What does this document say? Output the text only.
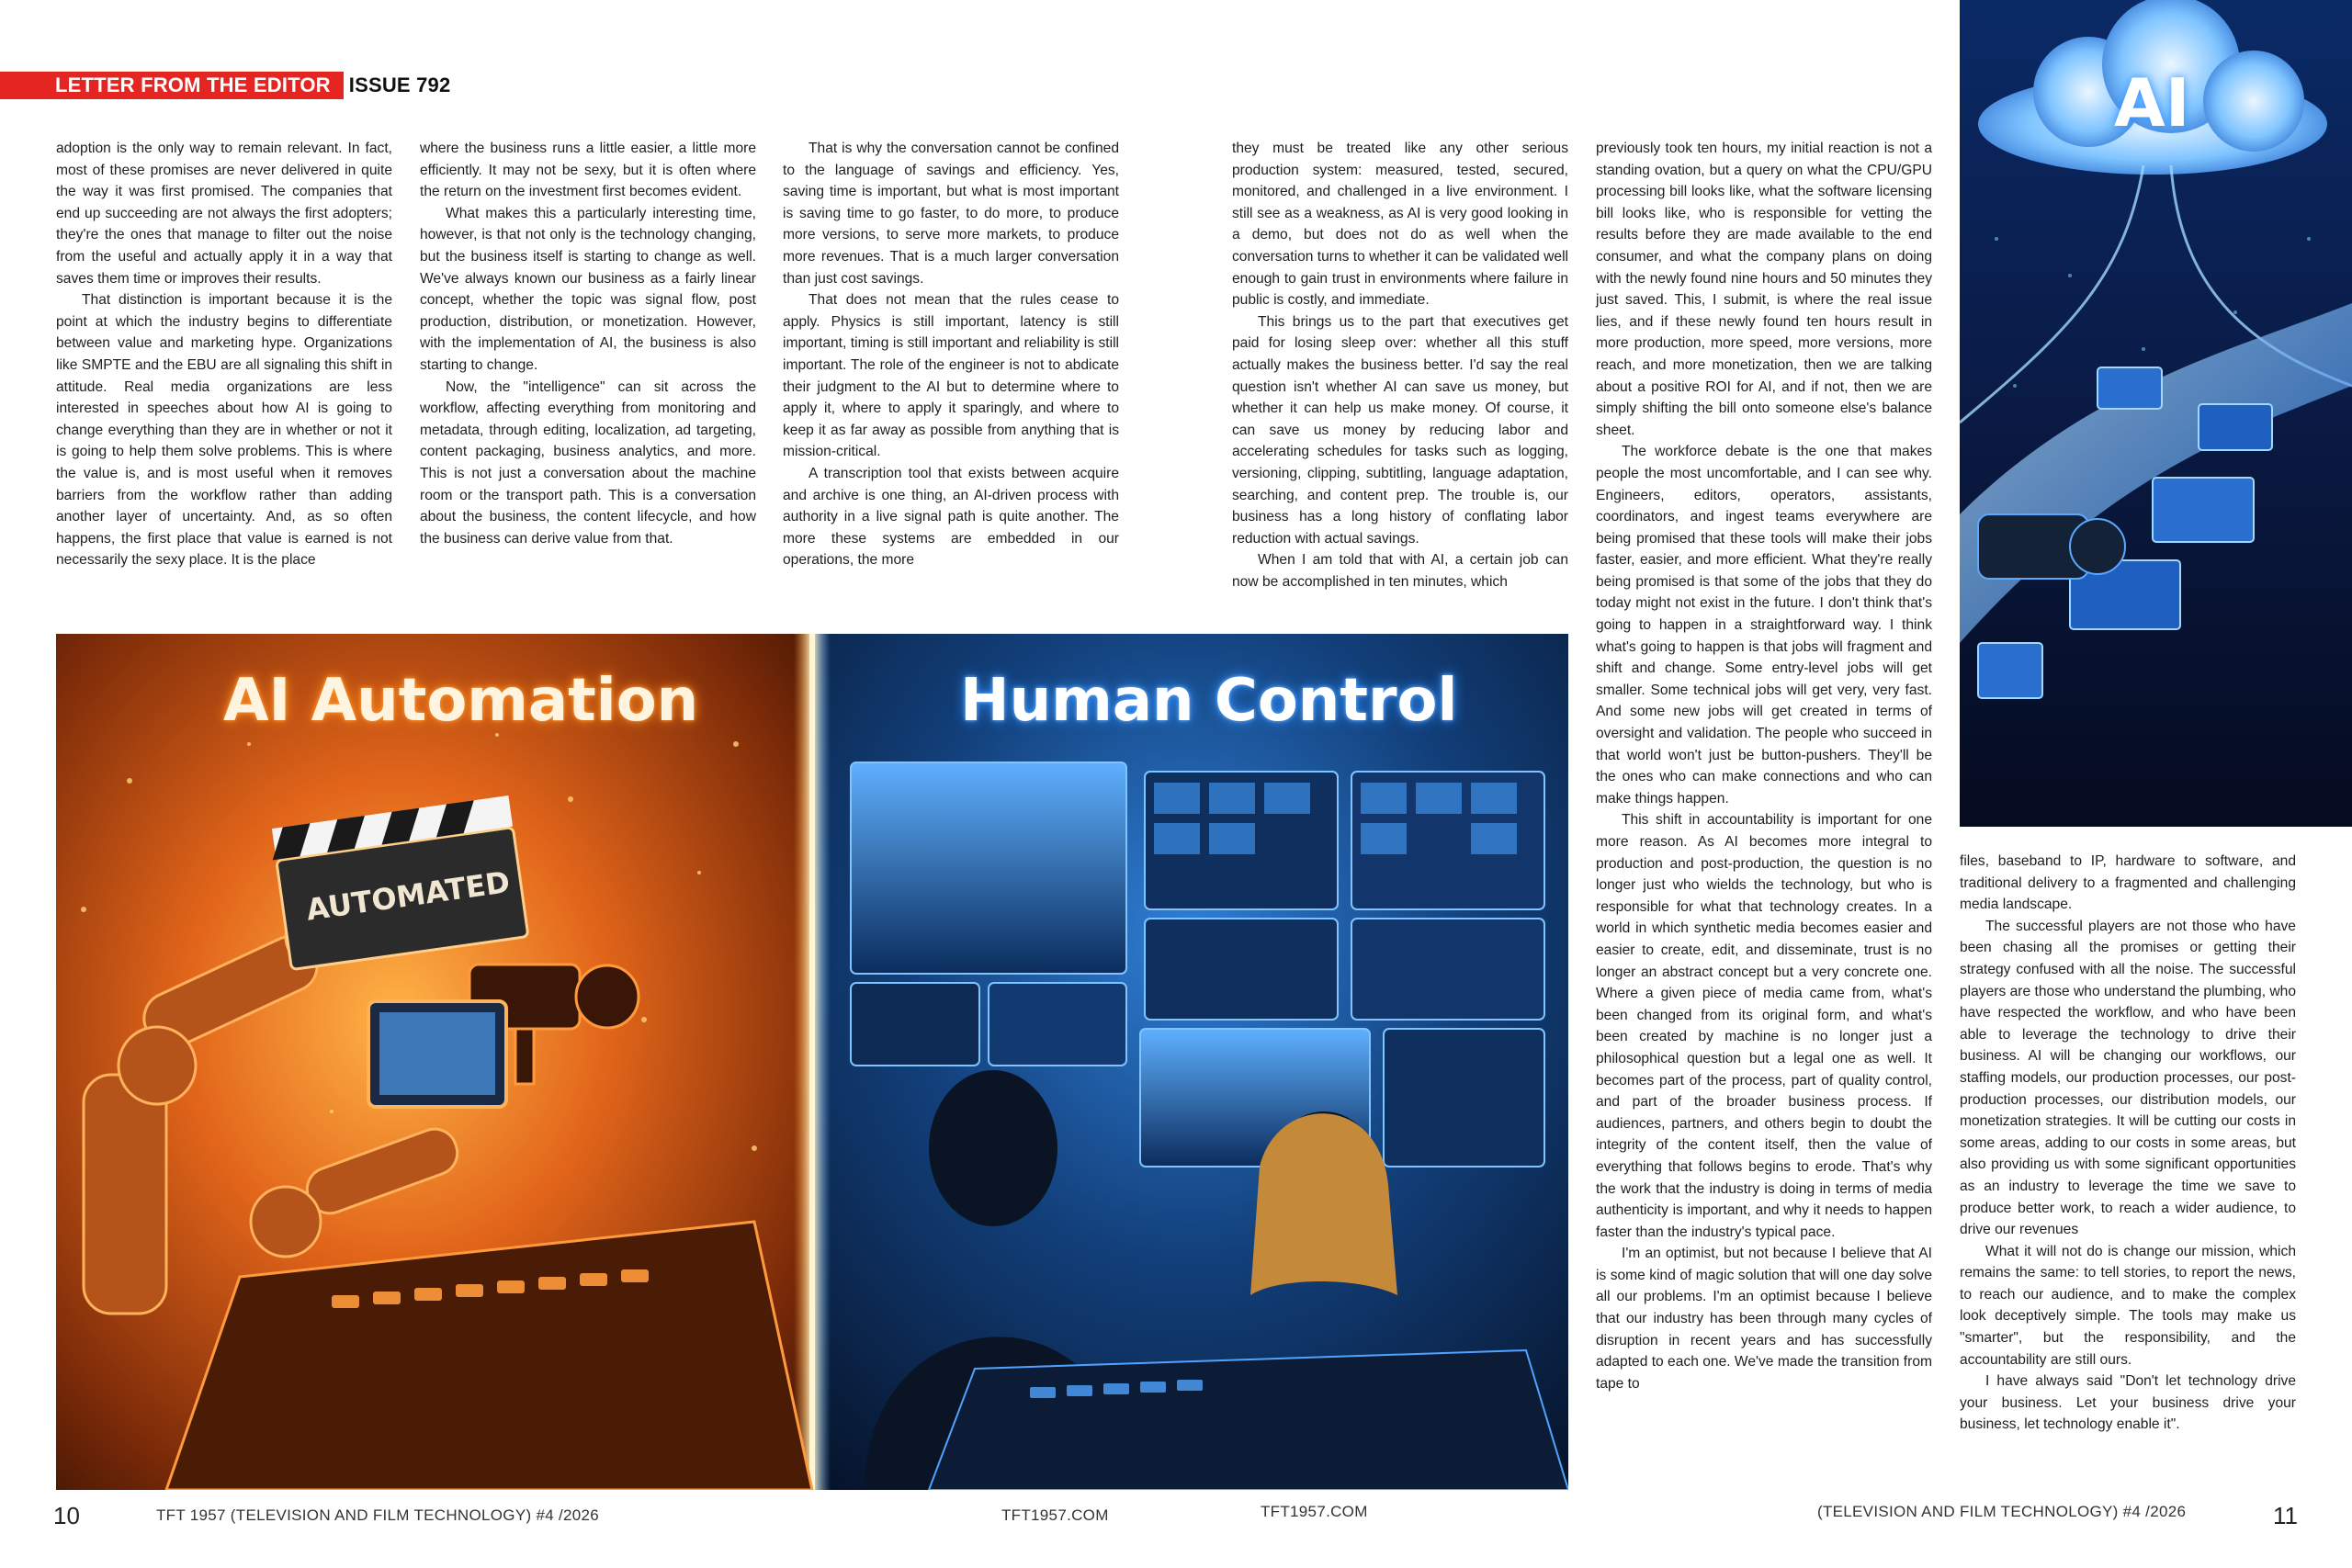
LETTER FROM THE EDITOR ISSUE 792

adoption is the only way to remain relevant. In fact, most of these promises are never delivered in quite the way it was first promised. The companies that end up succeeding are not always the first adopters; they're the ones that manage to filter out the noise from the useful and actually apply it in a way that saves them time or improves their results.

That distinction is important because it is the point at which the industry begins to differentiate between value and marketing hype. Organizations like SMPTE and the EBU are all signaling this shift in attitude. Real media organizations are less interested in speeches about how AI is going to change everything than they are in whether or not it is going to help them solve problems. This is where the value is, and is most useful when it removes barriers from the workflow rather than adding another layer of uncertainty. And, as so often happens, the first place that value is earned is not necessarily the sexy place. It is the place

where the business runs a little easier, a little more efficiently. It may not be sexy, but it is often where the return on the investment first becomes evident.

What makes this a particularly interesting time, however, is that not only is the technology changing, but the business itself is starting to change as well. We've always known our business as a fairly linear concept, whether the topic was signal flow, post production, distribution, or monetization. However, with the implementation of AI, the business is also starting to change.

Now, the "intelligence" can sit across the workflow, affecting everything from monitoring and metadata, through editing, localization, ad targeting, content packaging, business analytics, and more. This is not just a conversation about the machine room or the transport path. This is a conversation about the business, the content lifecycle, and how the business can derive value from that.

That is why the conversation cannot be confined to the language of savings and efficiency. Yes, saving time is important, but what is most important is saving time to go faster, to do more, to produce more versions, to serve more markets, to produce more revenues. That is a much larger conversation than just cost savings.

That does not mean that the rules cease to apply. Physics is still important, latency is still important, timing is still important and reliability is still important. The role of the engineer is not to abdicate their judgment to the AI but to determine where to apply it, where to apply it sparingly, and where to keep it as far away as possible from anything that is mission-critical.

A transcription tool that exists between acquire and archive is one thing, an AI-driven process with authority in a live signal path is quite another. The more these systems are embedded in our operations, the more

they must be treated like any other serious production system: measured, tested, secured, monitored, and challenged in a live environment. I still see as a weakness, as AI is very good looking in a demo, but does not do as well when the conversation turns to whether it can be validated well enough to gain trust in environments where failure in public is costly, and immediate.

This brings us to the part that executives get paid for losing sleep over: whether all this stuff actually makes the business better. I'd say the real question isn't whether AI can save us money, but whether it can help us make money. Of course, it can save us money by reducing labor and accelerating schedules for tasks such as logging, versioning, clipping, subtitling, language adaptation, searching, and content prep. The trouble is, our business has a long history of conflating labor reduction with actual savings.

When I am told that with AI, a certain job can now be accomplished in ten minutes, which

previously took ten hours, my initial reaction is not a standing ovation, but a query on what the CPU/GPU processing bill looks like, what the software licensing bill looks like, who is responsible for vetting the results before they are made available to the end consumer, and what the company plans on doing with the newly found nine hours and 50 minutes they just saved. This, I submit, is where the real issue lies, and if these newly found ten hours result in more production, more speed, more versions, more reach, and more monetization, then we are talking about a positive ROI for AI, and if not, then we are simply shifting the bill onto someone else's balance sheet.

The workforce debate is the one that makes people the most uncomfortable, and I can see why. Engineers, editors, operators, assistants, coordinators, and ingest teams everywhere are being promised that these tools will make their jobs faster, easier, and more efficient. What they're really being promised is that some of the jobs that they do today might not exist in the future. I don't think that's going to happen in a straightforward way. I think what's going to happen is that jobs will fragment and shift and change. Some entry-level jobs will get smaller. Some technical jobs will get very, very fast. And some new jobs will get created in terms of oversight and validation. The people who succeed in that world won't just be button-pushers. They'll be the ones who can make connections and who can make things happen.

This shift in accountability is important for one more reason. As AI becomes more integral to production and post-production, the question is no longer just who wields the technology, but who is responsible for what that technology creates. In a world in which synthetic media becomes easier and easier to create, edit, and disseminate, trust is no longer an abstract concept but a very concrete one. Where a given piece of media came from, what's been changed from its original form, and what's been created by machine is no longer just a philosophical question but a legal one as well. It becomes part of the process, part of quality control, and part of the broader business process. If audiences, partners, and others begin to doubt the integrity of the content itself, then the value of everything that follows begins to erode. That's why the work that the industry is doing in terms of media authenticity is important, and why it needs to happen faster than the industry's typical pace.

I'm an optimist, but not because I believe that AI is some kind of magic solution that will one day solve all our problems. I'm an optimist because I believe that our industry has been through many cycles of disruption in recent years and has successfully adapted to each one. We've made the transition from tape to

files, baseband to IP, hardware to software, and traditional delivery to a fragmented and challenging media landscape.

The successful players are not those who have been chasing all the promises or getting their strategy confused with all the noise. The successful players are those who understand the plumbing, who have respected the workflow, and who have been able to leverage the technology to drive their business. AI will be changing our workflows, our staffing models, our production processes, our post-production processes, our distribution models, our monetization strategies. It will be cutting our costs in some areas, adding to our costs in some areas, but also providing us with some significant opportunities as an industry to leverage the time we save to produce better work, to reach a wider audience, to drive our revenues

What it will not do is change our mission, which remains the same: to tell stories, to report the news, to reach our audience, and to make the complex look deceptively simple. The tools may make us "smarter", but the responsibility, and the accountability are still ours.

I have always said "Don't let technology drive your business. Let your business drive your business, let technology enable it".

AI Automation	Human Control
AUTOMATED
AI
10	TFT 1957 (TELEVISION AND FILM TECHNOLOGY) #4 /2026	TFT1957.COM	TFT1957.COM	(TELEVISION AND FILM TECHNOLOGY) #4 /2026	11
